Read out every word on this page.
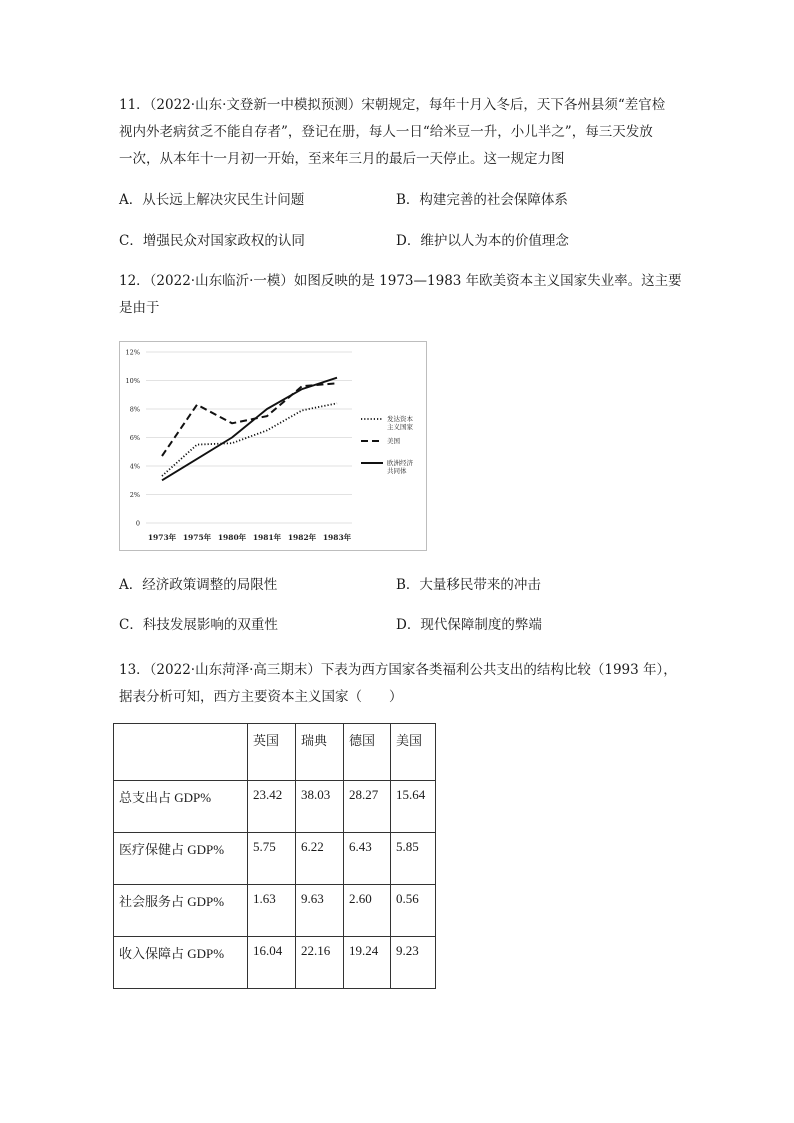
11．（2022·山东·文登新一中模拟预测）宋朝规定，每年十月入冬后，天下各州县须“差官检
视内外老病贫乏不能自存者”，登记在册，每人一日“给米豆一升，小儿半之”，每三天发放
一次，从本年十一月初一开始，至来年三月的最后一天停止。这一规定力图
A．从长远上解决灾民生计问题	B．构建完善的社会保障体系
C．增强民众对国家政权的认同	D．维护以人为本的价值理念
12．（2022·山东临沂·一模）如图反映的是 1973—1983 年欧美资本主义国家失业率。这主要
是由于
12%
10%
8%
6%
4%
2%
0
1973年 1975年 1980年 1981年 1982年 1983年
发达资本
主义国家
美国
欧洲经济
共同体
A．经济政策调整的局限性	B．大量移民带来的冲击
C．科技发展影响的双重性	D．现代保障制度的弊端
13．（2022·山东菏泽·高三期末）下表为西方国家各类福利公共支出的结构比较（1993 年），
据表分析可知，西方主要资本主义国家（　　）
	英国	瑞典	德国	美国
总支出占 GDP%	23.42	38.03	28.27	15.64
医疗保健占 GDP%	5.75	6.22	6.43	5.85
社会服务占 GDP%	1.63	9.63	2.60	0.56
收入保障占 GDP%	16.04	22.16	19.24	9.23
